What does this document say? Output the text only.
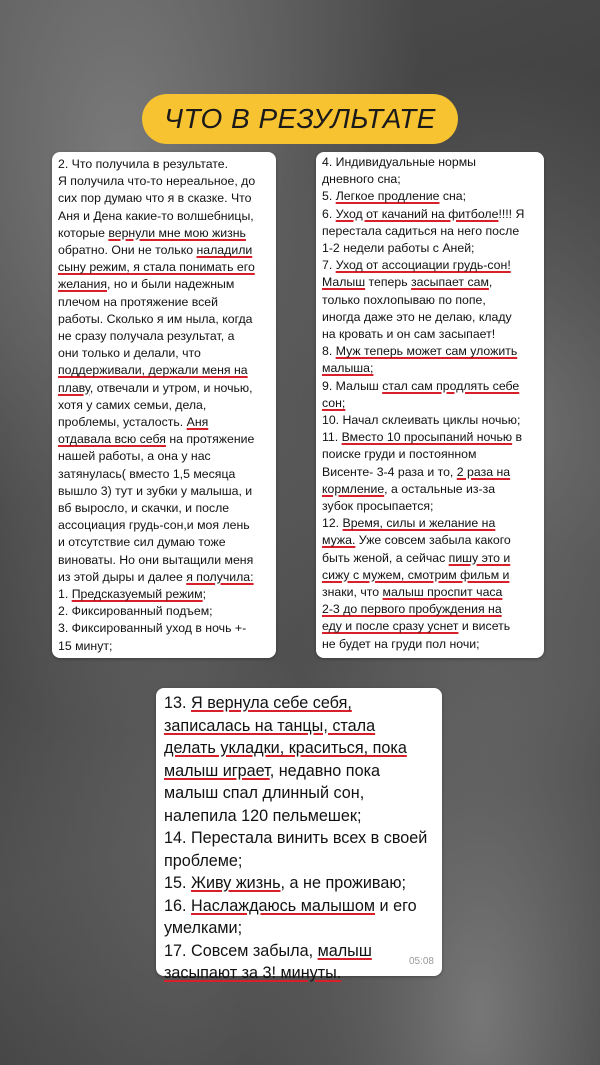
ЧТО В РЕЗУЛЬТАТЕ
2. Что получила в результате.
Я получила что-то нереальное, до
сих пор думаю что я в сказке. Что
Аня и Дена какие-то волшебницы,
которые вернули мне мою жизнь
обратно. Они не только наладили
сыну режим, я стала понимать его
желания, но и были надежным
плечом на протяжение всей
работы. Сколько я им ныла, когда
не сразу получала результат, а
они только и делали, что
поддерживали, держали меня на
плаву, отвечали и утром, и ночью,
хотя у самих семьи, дела,
проблемы, усталость. Аня
отдавала всю себя на протяжение
нашей работы, а она у нас
затянулась( вместо 1,5 месяца
вышло 3) тут и зубки у малыша, и
вб выросло, и скачки, и после
ассоциация грудь-сон,и моя лень
и отсутствие сил думаю тоже
виноваты. Но они вытащили меня
из этой дыры и далее я получила:
1. Предсказуемый режим;
2. Фиксированный подъем;
3. Фиксированный уход в ночь +-
15 минут;
4. Индивидуальные нормы
дневного сна;
5. Легкое продление сна;
6. Уход от качаний на фитболе!!!! Я
перестала садиться на него после
1-2 недели работы с Аней;
7. Уход от ассоциации грудь-сон!
Малыш теперь засыпает сам,
только похлопываю по попе,
иногда даже это не делаю, кладу
на кровать и он сам засыпает!
8. Муж теперь может сам уложить
малыша;
9. Малыш стал сам продлять себе
сон;
10. Начал склеивать циклы ночью;
11. Вместо 10 просыпаний ночью в
поиске груди и постоянном
Висенте- 3-4 раза и то, 2 раза на
кормление, а остальные из-за
зубок просыпается;
12. Время, силы и желание на
мужа. Уже совсем забыла какого
быть женой, а сейчас пишу это и
сижу с мужем, смотрим фильм и
знаки, что малыш проспит часа
2-3 до первого пробуждения на
еду и после сразу уснет и висеть
не будет на груди пол ночи;
13. Я вернула себе себя,
записалась на танцы, стала
делать укладки, краситься, пока
малыш играет, недавно пока
малыш спал длинный сон,
налепила 120 пельмешек;
14. Перестала винить всех в своей
проблеме;
15. Живу жизнь, а не проживаю;
16. Наслаждаюсь малышом и его
умелками;
17. Совсем забыла, малыш
засыпают за 3! минуты.
05:08
